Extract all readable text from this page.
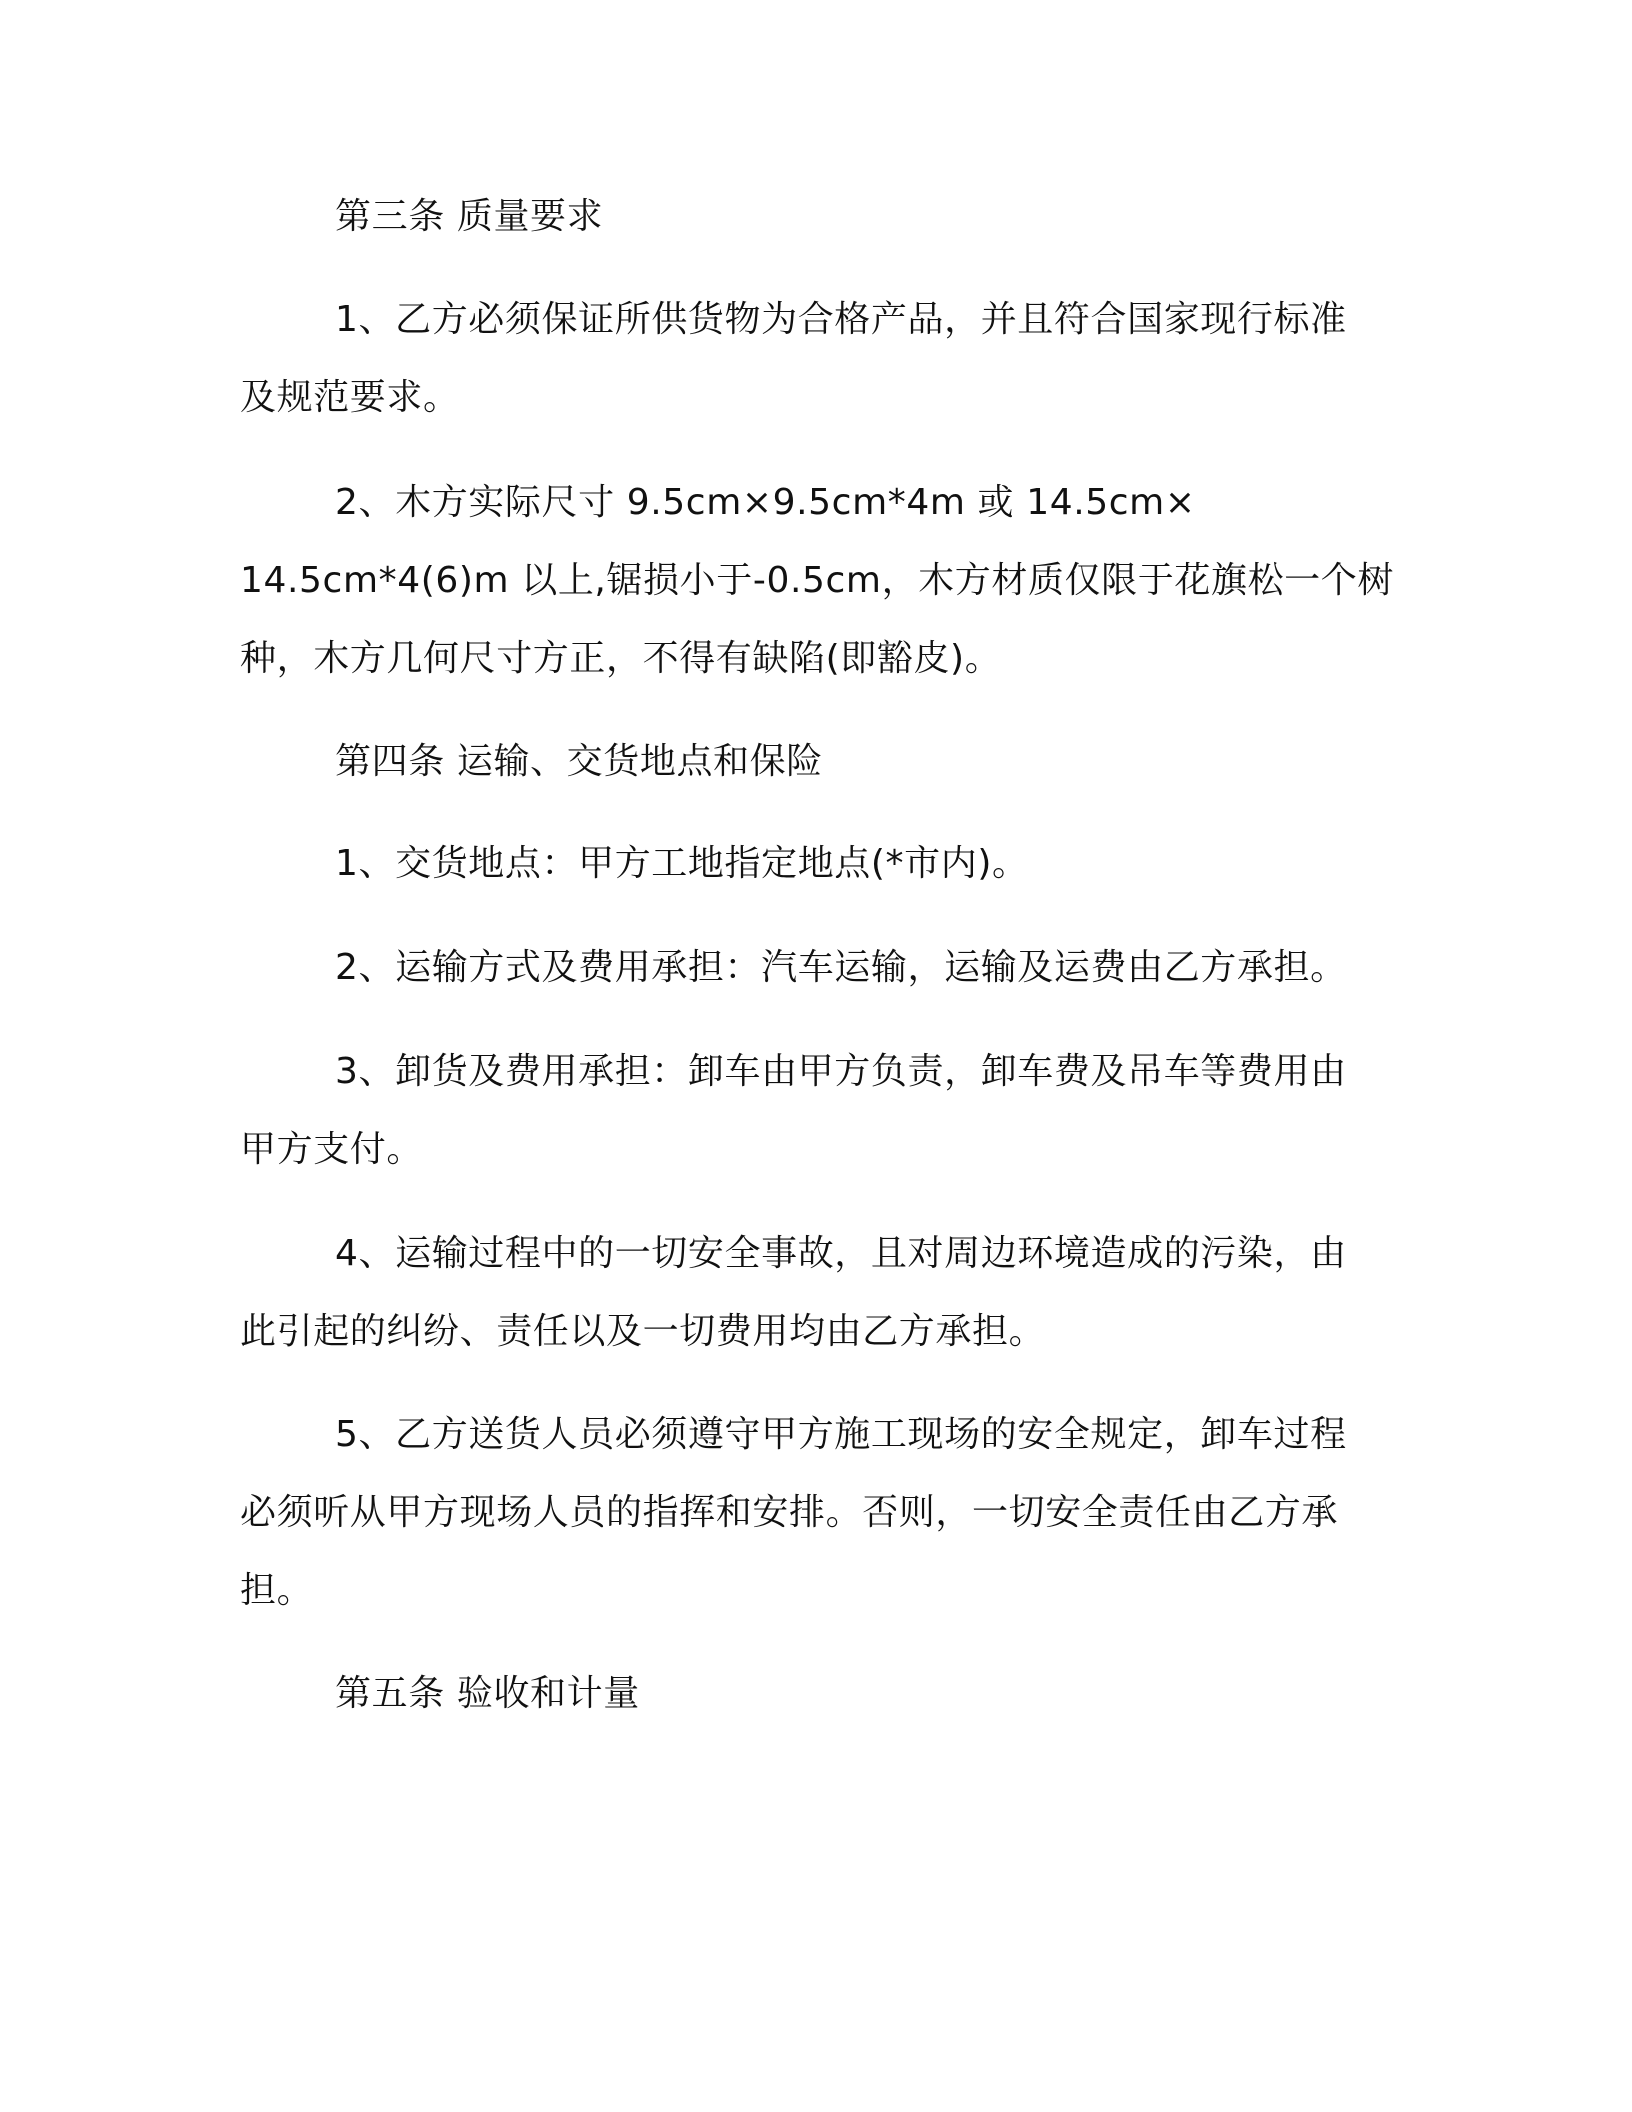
第三条 质量要求
1、乙方必须保证所供货物为合格产品，并且符合国家现行标准
及规范要求。
2、木方实际尺寸 9.5cm×9.5cm*4m 或 14.5cm×
14.5cm*4(6)m 以上,锯损小于-0.5cm，木方材质仅限于花旗松一个树
种，木方几何尺寸方正，不得有缺陷(即豁皮)。
第四条 运输、交货地点和保险
1、交货地点：甲方工地指定地点(*市内)。
2、运输方式及费用承担：汽车运输，运输及运费由乙方承担。
3、卸货及费用承担：卸车由甲方负责，卸车费及吊车等费用由
甲方支付。
4、运输过程中的一切安全事故，且对周边环境造成的污染，由
此引起的纠纷、责任以及一切费用均由乙方承担。
5、乙方送货人员必须遵守甲方施工现场的安全规定，卸车过程
必须听从甲方现场人员的指挥和安排。否则，一切安全责任由乙方承
担。
第五条 验收和计量
